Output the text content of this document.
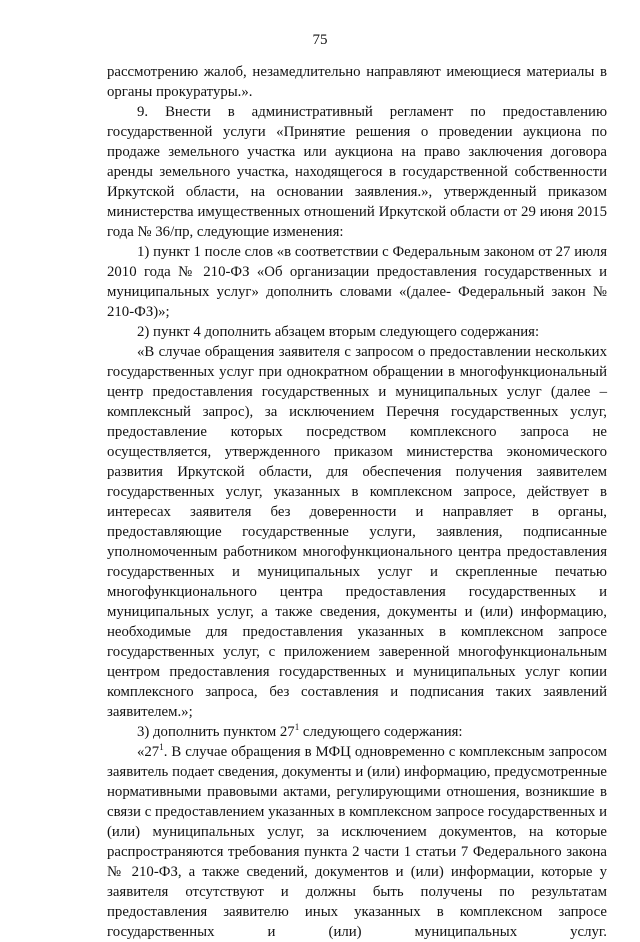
75

рассмотрению жалоб, незамедлительно направляют имеющиеся материалы в органы прокуратуры.».

9. Внести в административный регламент по предоставлению государственной услуги «Принятие решения о проведении аукциона по продаже земельного участка или аукциона на право заключения договора аренды земельного участка, находящегося в государственной собственности Иркутской области, на основании заявления.», утвержденный приказом министерства имущественных отношений Иркутской области от 29 июня 2015 года № 36/пр, следующие изменения:

1) пункт 1 после слов «в соответствии с Федеральным законом от 27 июля 2010 года № 210-ФЗ «Об организации предоставления государственных и муниципальных услуг» дополнить словами «(далее- Федеральный закон № 210-ФЗ)»;

2) пункт 4 дополнить абзацем вторым следующего содержания:

«В случае обращения заявителя с запросом о предоставлении нескольких государственных услуг при однократном обращении в многофункциональный центр предоставления государственных и муниципальных услуг (далее – комплексный запрос), за исключением Перечня государственных услуг, предоставление которых посредством комплексного запроса не осуществляется, утвержденного приказом министерства экономического развития Иркутской области, для обеспечения получения заявителем государственных услуг, указанных в комплексном запросе, действует в интересах заявителя без доверенности и направляет в органы, предоставляющие государственные услуги, заявления, подписанные уполномоченным работником многофункционального центра предоставления государственных и муниципальных услуг и скрепленные печатью многофункционального центра предоставления государственных и муниципальных услуг, а также сведения, документы и (или) информацию, необходимые для предоставления указанных в комплексном запросе государственных услуг, с приложением заверенной многофункциональным центром предоставления государственных и муниципальных услуг копии комплексного запроса, без составления и подписания таких заявлений заявителем.»;

3) дополнить пунктом $27^1$ следующего содержания:

«$27^1$. В случае обращения в МФЦ одновременно с комплексным запросом заявитель подает сведения, документы и (или) информацию, предусмотренные нормативными правовыми актами, регулирующими отношения, возникшие в связи с предоставлением указанных в комплексном запросе государственных и (или) муниципальных услуг, за исключением документов, на которые распространяются требования пункта 2 части 1 статьи 7 Федерального закона № 210-ФЗ, а также сведений, документов и (или) информации, которые у заявителя отсутствуют и должны быть получены по результатам предоставления заявителю иных указанных в комплексном запросе государственных и (или) муниципальных услуг.
